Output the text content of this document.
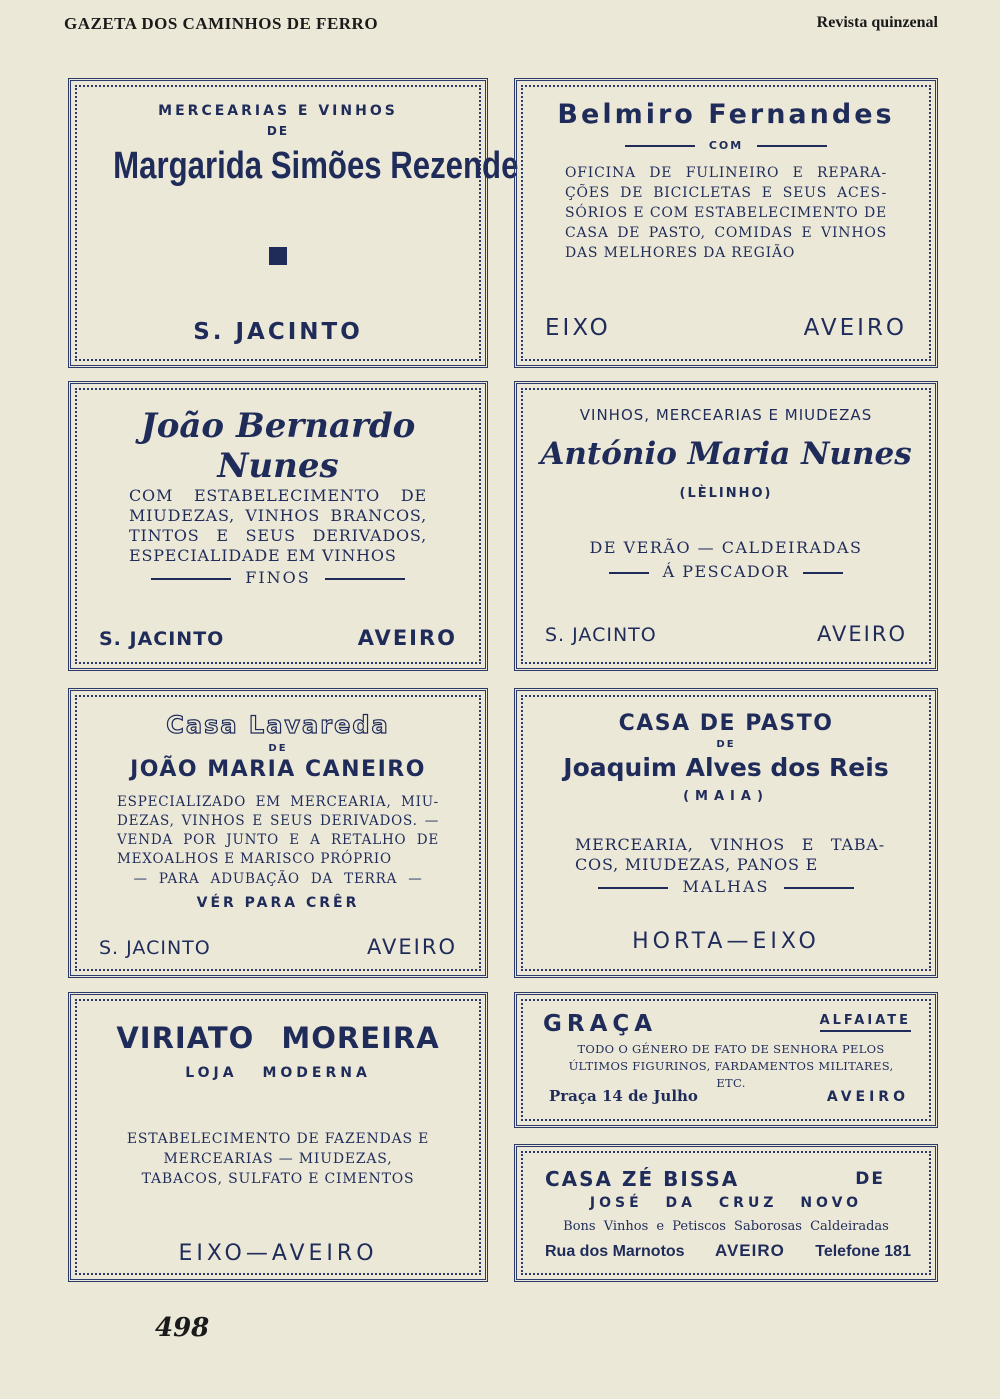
GAZETA DOS CAMINHOS DE FERRO	Revista quinzenal
MERCEARIAS E VINHOS
DE
Margarida Simões Rezende
S. JACINTO
Belmiro Fernandes
COM
OFICINA DE FULINEIRO E REPARA-ÇÕES DE BICICLETAS E SEUS ACES-SÓRIOS E COM ESTABELECIMENTO DE CASA DE PASTO, COMIDAS E VINHOS DAS MELHORES DA REGIÃO
EIXO	AVEIRO
João Bernardo Nunes
COM ESTABELECIMENTO DE MIUDEZAS, VINHOS BRANCOS, TINTOS E SEUS DERIVADOS, ESPECIALIDADE EM VINHOS
FINOS
S. JACINTO	AVEIRO
VINHOS, MERCEARIAS E MIUDEZAS
António Maria Nunes
(LÈLINHO)
DE VERÃO — CALDEIRADAS
Á PESCADOR
S. JACINTO	AVEIRO
Casa Lavareda
DE
JOÃO MARIA CANEIRO
ESPECIALIZADO EM MERCEARIA, MIU-DEZAS, VINHOS E SEUS DERIVADOS. —VENDA POR JUNTO E A RETALHO DE MEXOALHOS E MARISCO PRÓPRIO
— PARA ADUBAÇÃO DA TERRA —
VÉR PARA CRÊR
S. JACINTO	AVEIRO
CASA DE PASTO
DE
Joaquim Alves dos Reis
(MAIA)
MERCEARIA, VINHOS E TABA-COS, MIUDEZAS, PANOS E
MALHAS
HORTA—EIXO
VIRIATO MOREIRA
LOJA MODERNA
ESTABELECIMENTO DE FAZENDAS E MERCEARIAS — MIUDEZAS, TABACOS, SULFATO E CIMENTOS
EIXO—AVEIRO
GRAÇA	ALFAIATE
TODO O GÉNERO DE FATO DE SENHORA PELOS ÚLTIMOS FIGURINOS, FARDAMENTOS MILITARES, ETC.
Praça 14 de Julho	AVEIRO
CASA ZÉ BISSA	DE
JOSÉ DA CRUZ NOVO
Bons Vinhos e Petiscos Saborosas Caldeiradas
Rua dos Marnotos AVEIRO Telefone 181
498
